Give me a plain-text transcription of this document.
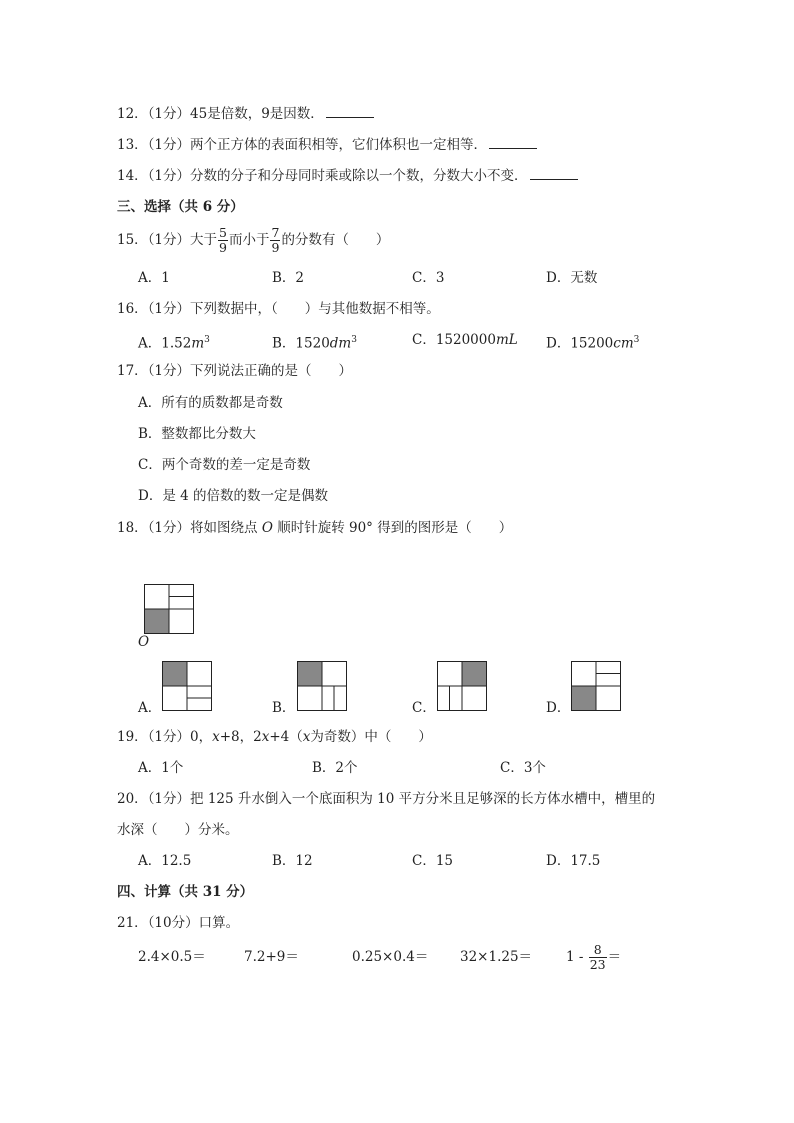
12．（1分）45是倍数，9是因数．
13．（1分）两个正方体的表面积相等，它们体积也一定相等．
14．（1分）分数的分子和分母同时乘或除以一个数，分数大小不变．
三、选择（共 6 分）
15．（1分）大于 $\frac{5}{9}$ 而小于 $\frac{7}{9}$ 的分数有（　　）
A．1	B．2	C．3	D．无数
16．（1分）下列数据中，（　　）与其他数据不相等。
A．$1.52m^3$	B．$1520dm^3$	C．1520000mL D．$15200cm^3$
17．（1分）下列说法正确的是（　　）
A．所有的质数都是奇数
B．整数都比分数大
C．两个奇数的差一定是奇数
D．是 4 的倍数的数一定是偶数
18．（1分）将如图绕点 O 顺时针旋转 90° 得到的图形是（　　）
O
A．	B．	C．	D．
19．（1分）0，x+8，2x+4（x为奇数）中（　　）
A．1个	B．2个	C．3个
20．（1分）把 125 升水倒入一个底面积为 10 平方分米且足够深的长方体水槽中，槽里的
水深（　　）分米。
A．12.5	B．12	C．15	D．17.5
四、计算（共 31 分）
21．（10分）口算。
2.4×0.5＝	7.2+9＝	0.25×0.4＝ 32×1.25＝	$1 - \frac{8}{23}$ ＝
